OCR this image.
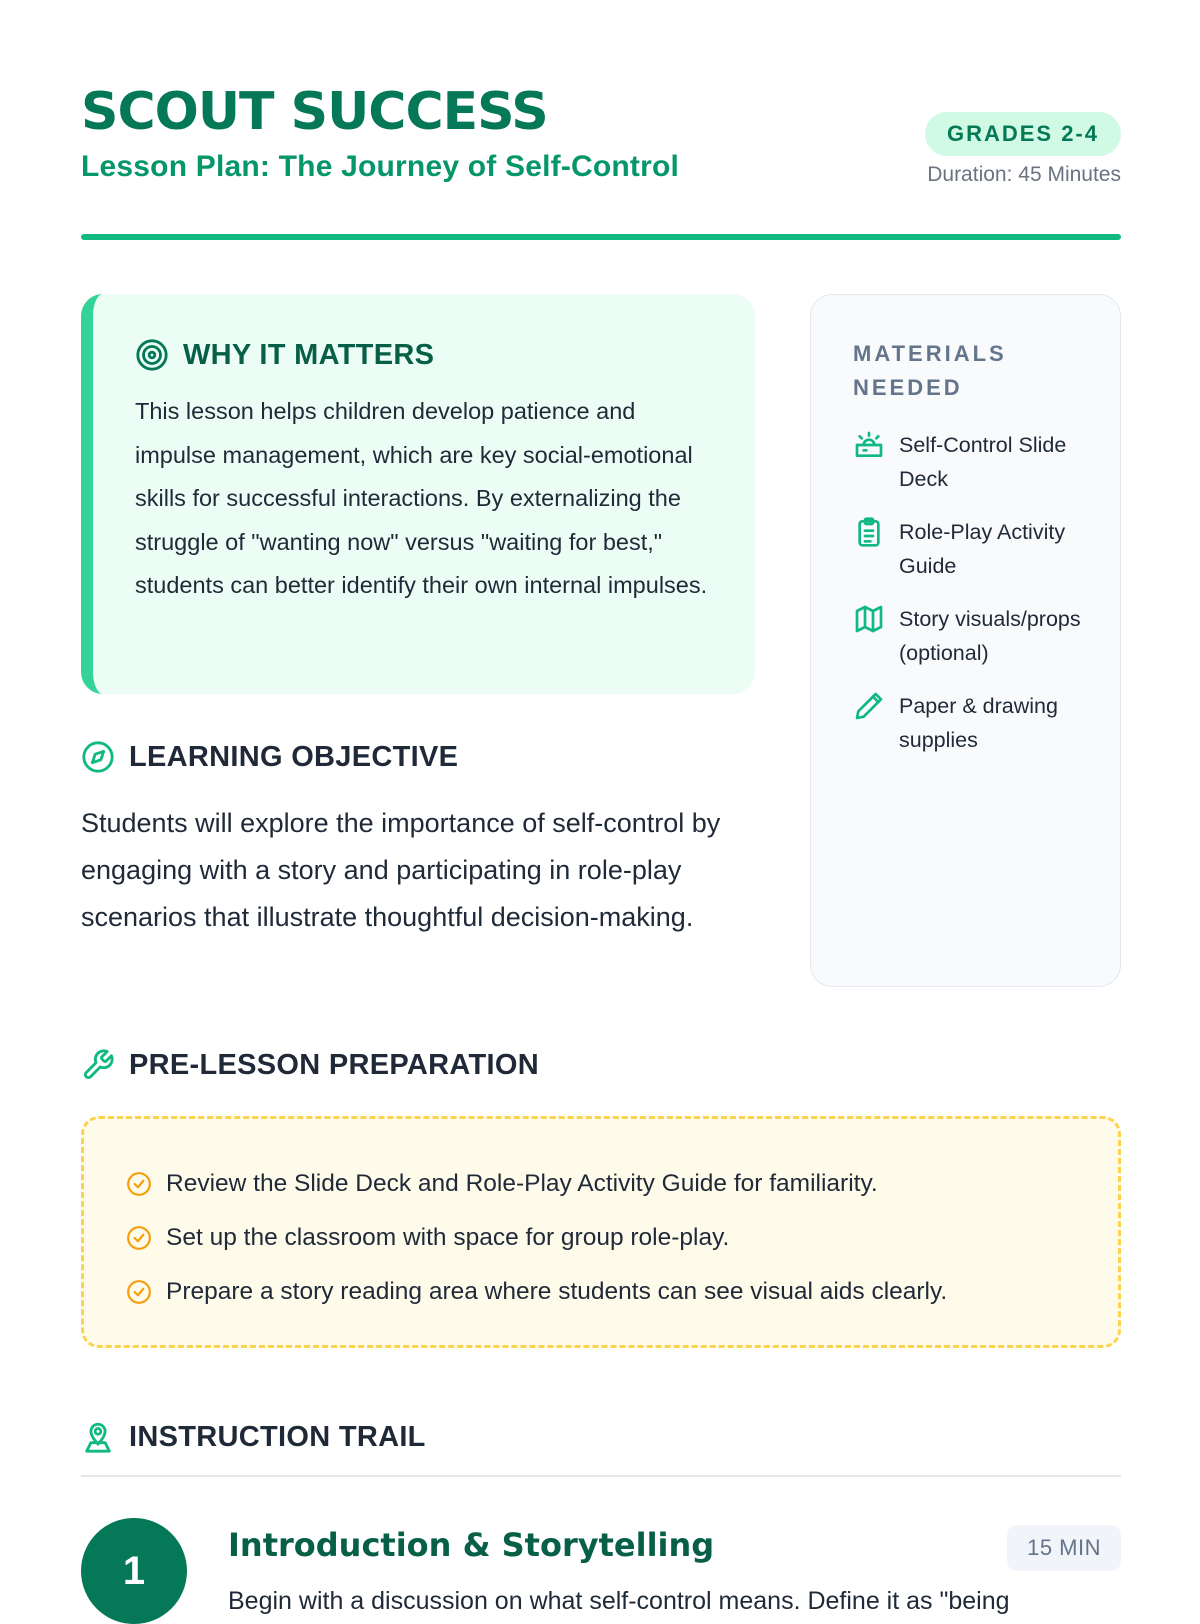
SCOUT SUCCESS
Lesson Plan: The Journey of Self-Control
GRADES 2-4
Duration: 45 Minutes
WHY IT MATTERS

This lesson helps children develop patience and impulse management, which are key social-emotional skills for successful interactions. By externalizing the struggle of "wanting now" versus "waiting for best," students can better identify their own internal impulses.

MATERIALS NEEDED
Self-Control Slide Deck
Role-Play Activity Guide
Story visuals/props (optional)
Paper & drawing supplies
LEARNING OBJECTIVE

Students will explore the importance of self-control by engaging with a story and participating in role-play scenarios that illustrate thoughtful decision-making.

PRE-LESSON PREPARATION
Review the Slide Deck and Role-Play Activity Guide for familiarity.
Set up the classroom with space for group role-play.
Prepare a story reading area where students can see visual aids clearly.
INSTRUCTION TRAIL
1
Introduction & Storytelling	15 MIN
Begin with a discussion on what self-control means. Define it as "being
